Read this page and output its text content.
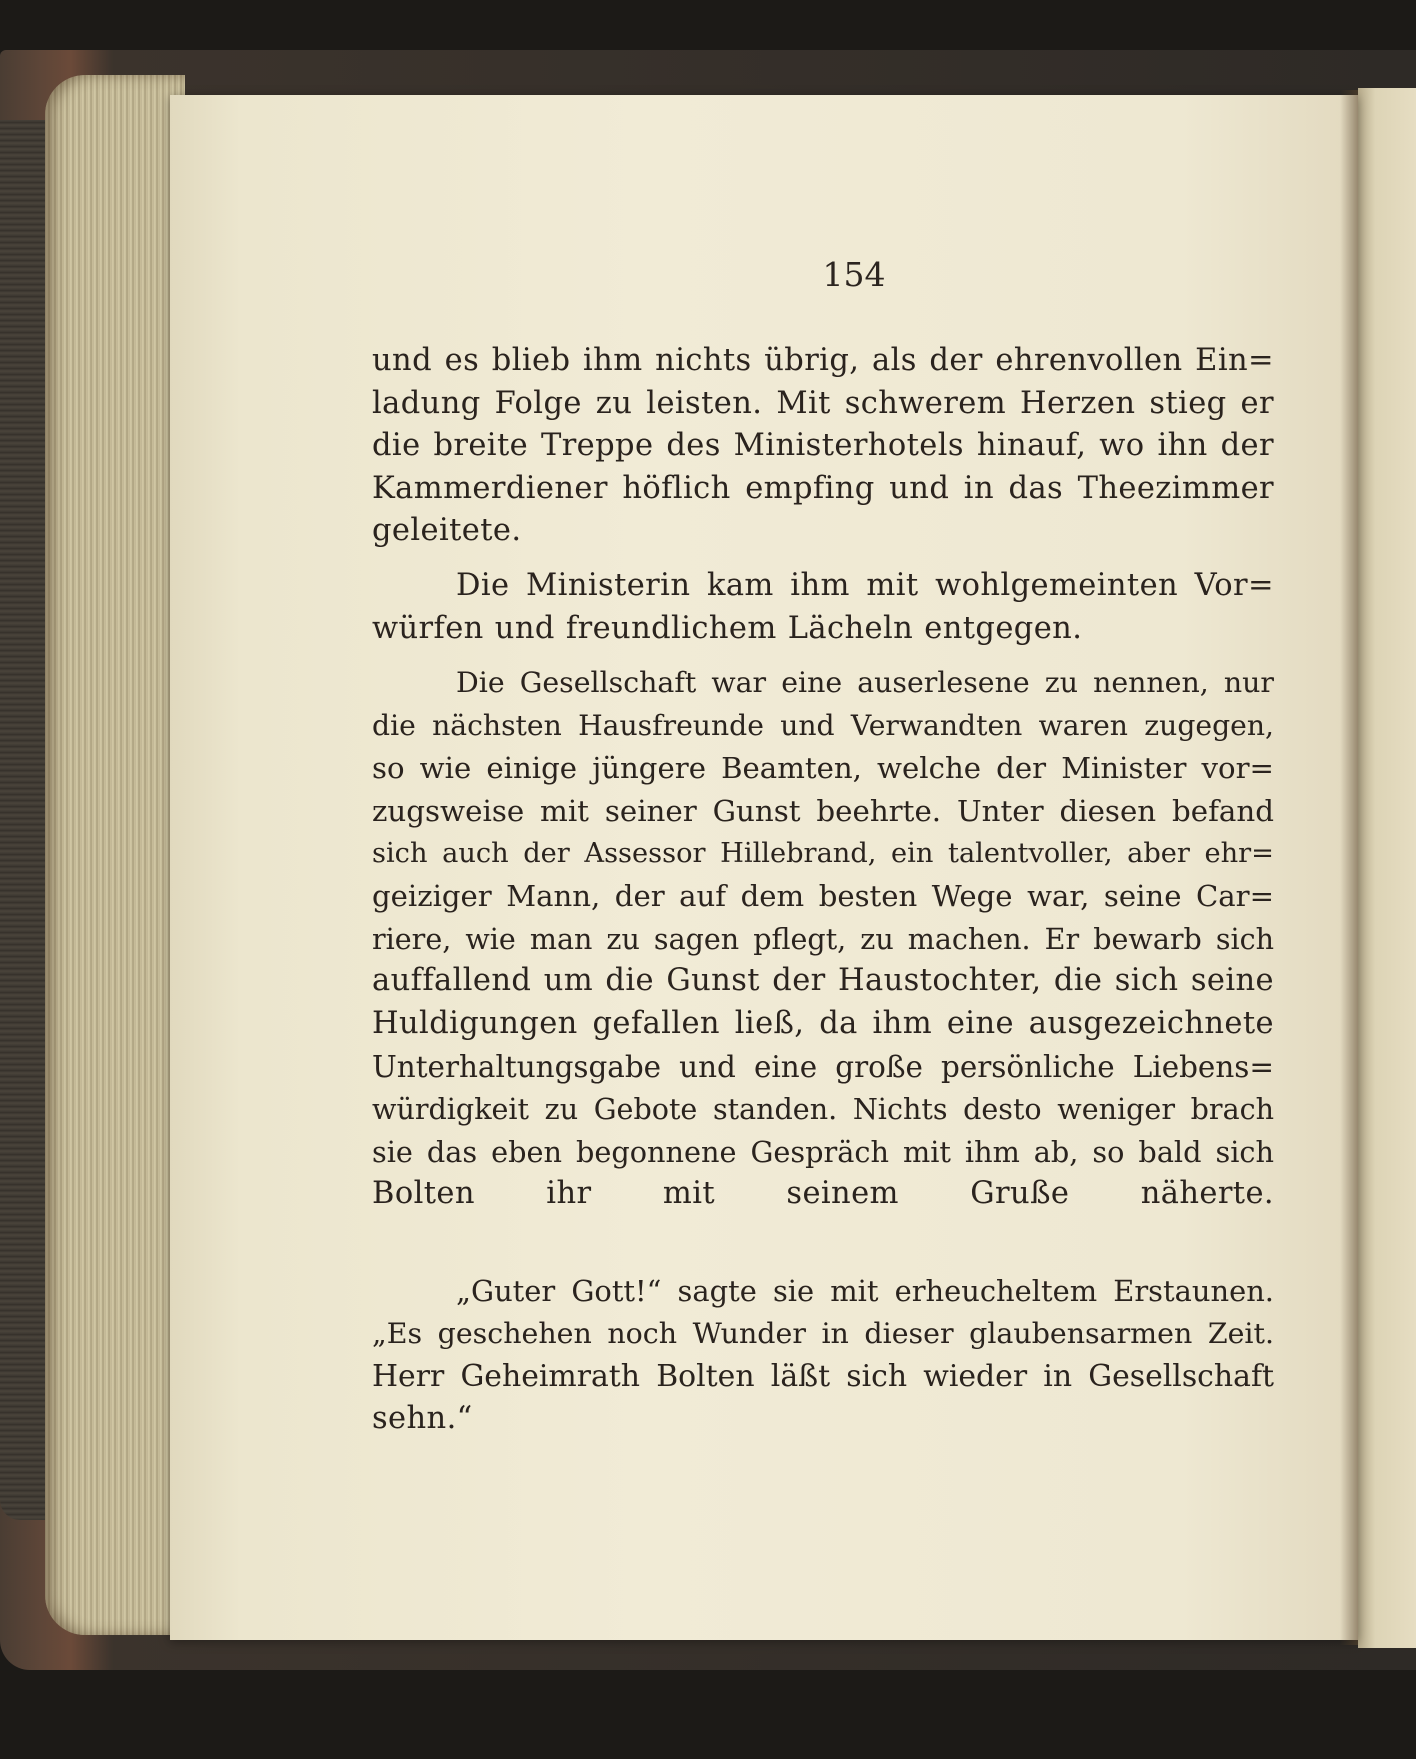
154

und es blieb ihm nichts übrig, als der ehrenvollen Ein=
ladung Folge zu leisten. Mit schwerem Herzen stieg er
die breite Treppe des Ministerhotels hinauf, wo ihn der
Kammerdiener höflich empfing und in das Theezimmer
geleitete.

Die Ministerin kam ihm mit wohlgemeinten Vor=
würfen und freundlichem Lächeln entgegen.

Die Gesellschaft war eine auserlesene zu nennen, nur
die nächsten Hausfreunde und Verwandten waren zugegen,
so wie einige jüngere Beamten, welche der Minister vor=
zugsweise mit seiner Gunst beehrte. Unter diesen befand
sich auch der Assessor Hillebrand, ein talentvoller, aber ehr=
geiziger Mann, der auf dem besten Wege war, seine Car=
riere, wie man zu sagen pflegt, zu machen. Er bewarb sich
auffallend um die Gunst der Haustochter, die sich seine
Huldigungen gefallen ließ, da ihm eine ausgezeichnete
Unterhaltungsgabe und eine große persönliche Liebens=
würdigkeit zu Gebote standen. Nichts desto weniger brach
sie das eben begonnene Gespräch mit ihm ab, so bald sich
Bolten ihr mit seinem Gruße näherte.

„Guter Gott!“ sagte sie mit erheucheltem Erstaunen.
„Es geschehen noch Wunder in dieser glaubensarmen Zeit.
Herr Geheimrath Bolten läßt sich wieder in Gesellschaft
sehn.“
